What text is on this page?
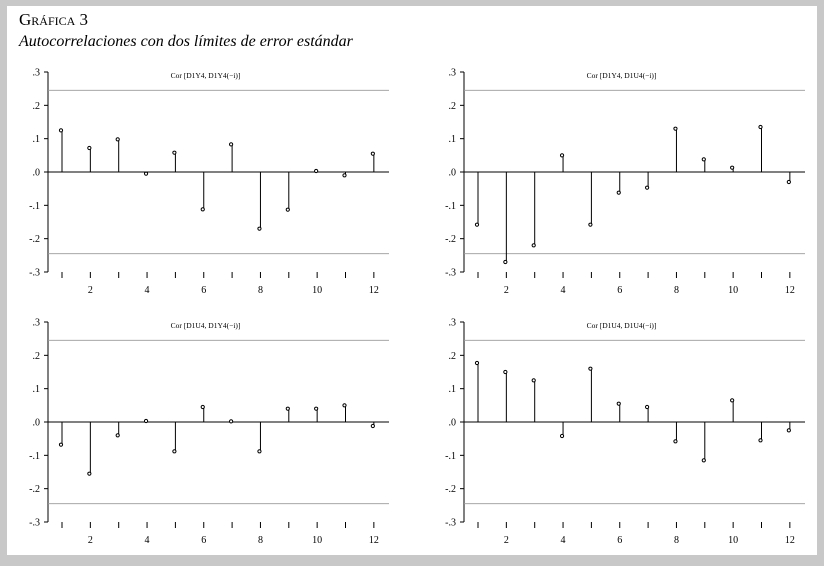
Gráfica 3
Autocorrelaciones con dos límites de error estándar
.3
.2
.1
.0
-.1
-.2
-.3
2	4	6	8	10	12
Cor [D1Y4, D1Y4(−i)]	.3
.2
.1
.0
-.1
-.2
-.3
2	4	6	8	10	12
Cor [D1Y4, D1U4(−i)]
.3
.2
.1
.0
-.1
-.2
-.3
2	4	6	8	10	12
Cor [D1U4, D1Y4(−i)]	.3
.2
.1
.0
-.1
-.2
-.3
2	4	6	8	10	12
Cor [D1U4, D1U4(−i)]
